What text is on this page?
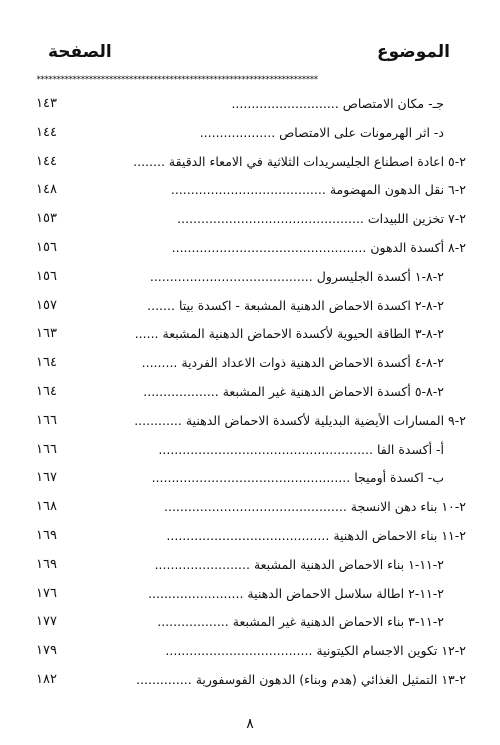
الموضوع
الصفحة
**********************************************************************
جـ- مكان الامتصاص ...........................
١٤٣
د- اثر الهرمونات على الامتصاص ...................
١٤٤
٢-٥ اعادة اصطناع الجليسريدات الثلاثية في الامعاء الدقيقة ........
١٤٤
٢-٦ نقل الدهون المهضومة .......................................
١٤٨
٢-٧ تخزين اللبيدات ...............................................
١٥٣
٢-٨ أكسدة الدهون .................................................
١٥٦
٢-٨-١ أكسدة الجليسرول .........................................
١٥٦
٢-٨-٢ اكسدة الاحماض الدهنية المشبعة - اكسدة بيتا .......
١٥٧
٢-٨-٣ الطاقة الحيوية لأكسدة الاحماض الدهنية المشبعة ......
١٦٣
٢-٨-٤ أكسدة الاحماض الدهنية ذوات الاعداد الفردية .........
١٦٤
٢-٨-٥ أكسدة الاحماض الدهنية غير المشبعة ...................
١٦٤
٢-٩ المسارات الأيضية البديلية لأكسدة الاحماض الدهنية ............
١٦٦
أ- أكسدة الفا ......................................................
١٦٦
ب- اكسدة أوميجا ..................................................
١٦٧
٢-١٠ بناء دهن الانسجة ..............................................
١٦٨
٢-١١ بناء الاحماض الدهنية .........................................
١٦٩
٢-١١-١ بناء الاحماض الدهنية المشبعة ........................
١٦٩
٢-١١-٢ اطالة سلاسل الاحماض الدهنية ........................
١٧٦
٢-١١-٣ بناء الاحماض الدهنية غير المشبعة ..................
١٧٧
٢-١٢ تكوين الاجسام الكيتونية .....................................
١٧٩
٢-١٣ التمثيل الغذائي (هدم وبناء) الدهون الفوسفورية ..............
١٨٢
٨
